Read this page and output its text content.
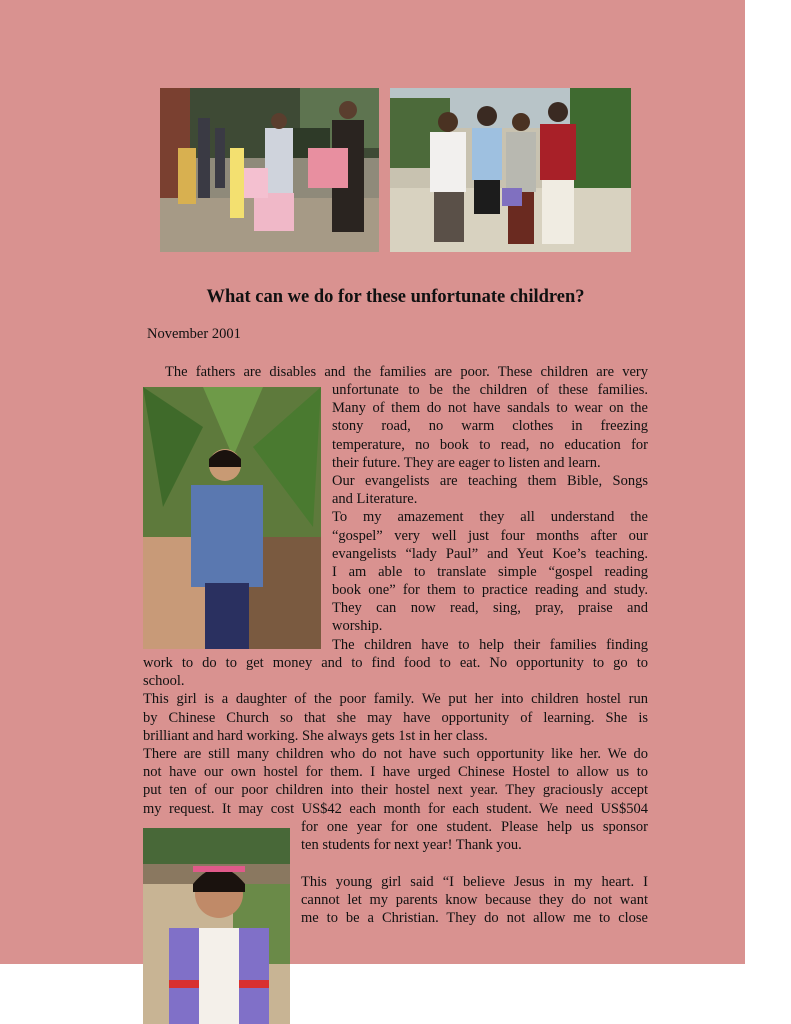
What can we do for these unfortunate children?
November 2001
The fathers are disables and the families are poor. These children are very
unfortunate to be the children of these families.
Many of them do not have sandals to wear on the
stony road, no warm clothes in freezing
temperature, no book to read, no education for
their future. They are eager to listen and learn.
Our evangelists are teaching them Bible, Songs
and Literature.
To my amazement they all understand the
“gospel” very well just four months after our
evangelists “lady Paul” and Yeut Koe’s teaching.
I am able to translate simple “gospel reading
book one” for them to practice reading and study.
They can now read, sing, pray, praise and
worship.
The children have to help their families finding
work to do to get money and to find food to eat. No opportunity to go to
school.
This girl is a daughter of the poor family. We put her into children hostel run
by Chinese Church so that she may have opportunity of learning. She is
brilliant and hard working. She always gets 1st in her class.
There are still many children who do not have such opportunity like her. We do
not have our own hostel for them. I have urged Chinese Hostel to allow us to
put ten of our poor children into their hostel next year. They graciously accept
my request. It may cost US$42 each month for each student. We need US$504
for one year for one student. Please help us sponsor
ten students for next year! Thank you.
This young girl said “I believe Jesus in my heart. I
cannot let my parents know because they do not want
me to be a Christian. They do not allow me to close
